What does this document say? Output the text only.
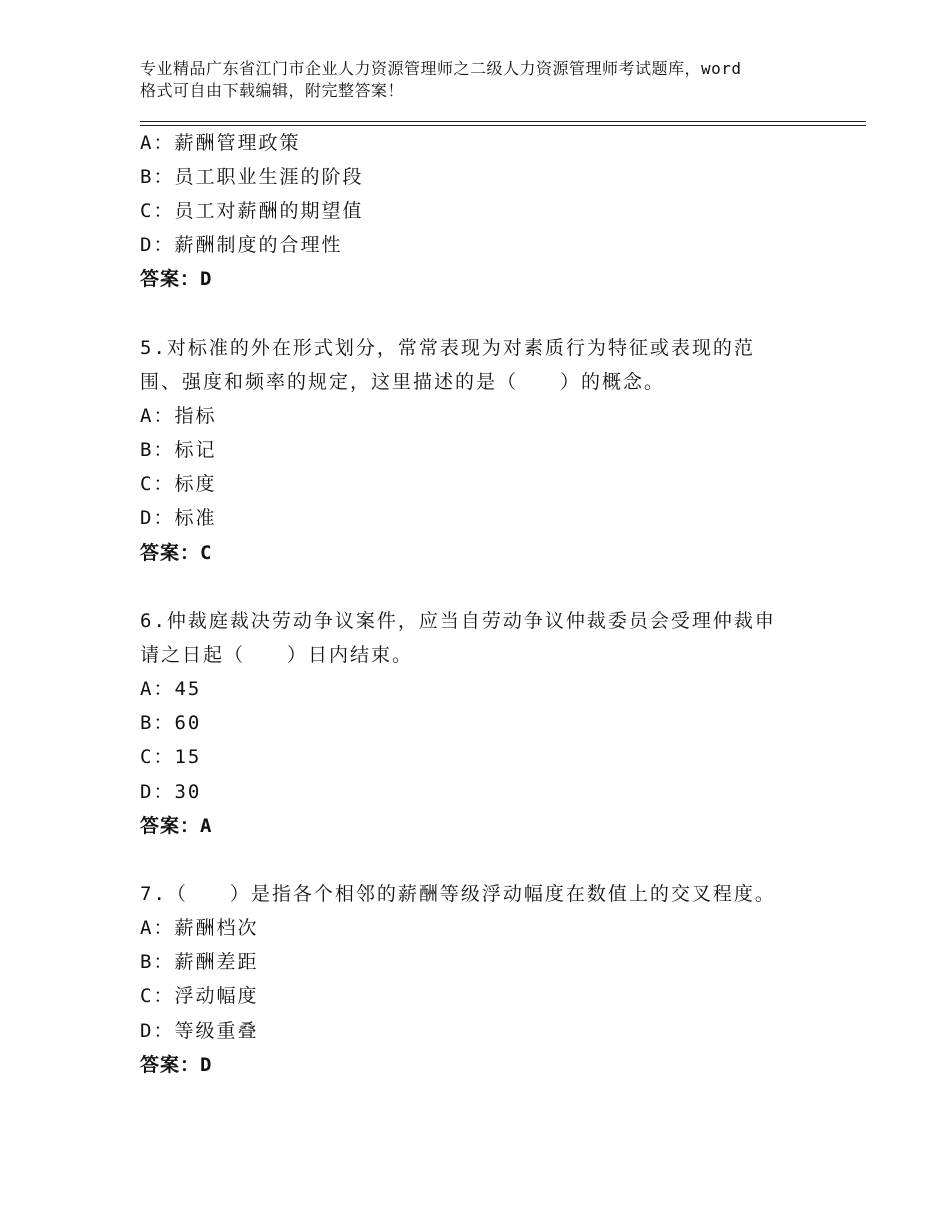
专业精品广东省江门市企业人力资源管理师之二级人力资源管理师考试题库，word
格式可自由下载编辑，附完整答案！
A：薪酬管理政策
B：员工职业生涯的阶段
C：员工对薪酬的期望值
D：薪酬制度的合理性
答案：D
5.对标准的外在形式划分，常常表现为对素质行为特征或表现的范
围、强度和频率的规定，这里描述的是（　　）的概念。
A：指标
B：标记
C：标度
D：标准
答案：C
6.仲裁庭裁决劳动争议案件，应当自劳动争议仲裁委员会受理仲裁申
请之日起（　　）日内结束。
A：45
B：60
C：15
D：30
答案：A
7.（　　）是指各个相邻的薪酬等级浮动幅度在数值上的交叉程度。
A：薪酬档次
B：薪酬差距
C：浮动幅度
D：等级重叠
答案：D
